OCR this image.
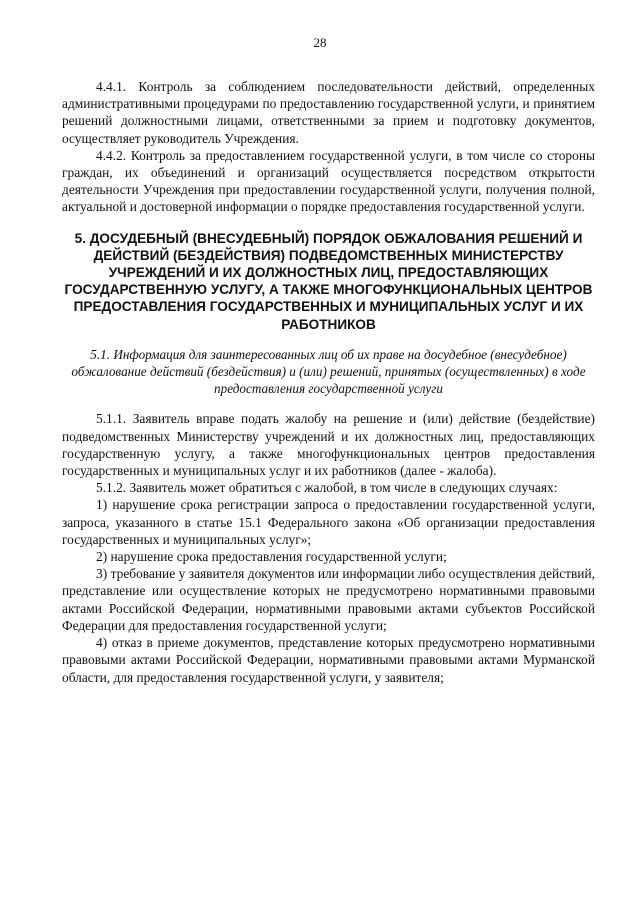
28

4.4.1. Контроль за соблюдением последовательности действий, определенных административными процедурами по предоставлению государственной услуги, и принятием решений должностными лицами, ответственными за прием и подготовку документов, осуществляет руководитель Учреждения.

4.4.2. Контроль за предоставлением государственной услуги, в том числе со стороны граждан, их объединений и организаций осуществляется посредством открытости деятельности Учреждения при предоставлении государственной услуги, получения полной, актуальной и достоверной информации о порядке предоставления государственной услуги.

5. ДОСУДЕБНЫЙ (ВНЕСУДЕБНЫЙ) ПОРЯДОК ОБЖАЛОВАНИЯ РЕШЕНИЙ И ДЕЙСТВИЙ (БЕЗДЕЙСТВИЯ) ПОДВЕДОМСТВЕННЫХ МИНИСТЕРСТВУ УЧРЕЖДЕНИЙ И ИХ ДОЛЖНОСТНЫХ ЛИЦ, ПРЕДОСТАВЛЯЮЩИХ ГОСУДАРСТВЕННУЮ УСЛУГУ, А ТАКЖЕ МНОГОФУНКЦИОНАЛЬНЫХ ЦЕНТРОВ ПРЕДОСТАВЛЕНИЯ ГОСУДАРСТВЕННЫХ И МУНИЦИПАЛЬНЫХ УСЛУГ И ИХ РАБОТНИКОВ

5.1. Информация для заинтересованных лиц об их праве на досудебное (внесудебное) обжалование действий (бездействия) и (или) решений, принятых (осуществленных) в ходе предоставления государственной услуги

5.1.1. Заявитель вправе подать жалобу на решение и (или) действие (бездействие) подведомственных Министерству учреждений и их должностных лиц, предоставляющих государственную услугу, а также многофункциональных центров предоставления государственных и муниципальных услуг и их работников (далее - жалоба).

5.1.2. Заявитель может обратиться с жалобой, в том числе в следующих случаях:

1) нарушение срока регистрации запроса о предоставлении государственной услуги, запроса, указанного в статье 15.1 Федерального закона «Об организации предоставления государственных и муниципальных услуг»;

2) нарушение срока предоставления государственной услуги;

3) требование у заявителя документов или информации либо осуществления действий, представление или осуществление которых не предусмотрено нормативными правовыми актами Российской Федерации, нормативными правовыми актами субъектов Российской Федерации для предоставления государственной услуги;

4) отказ в приеме документов, представление которых предусмотрено нормативными правовыми актами Российской Федерации, нормативными правовыми актами Мурманской области, для предоставления государственной услуги, у заявителя;
